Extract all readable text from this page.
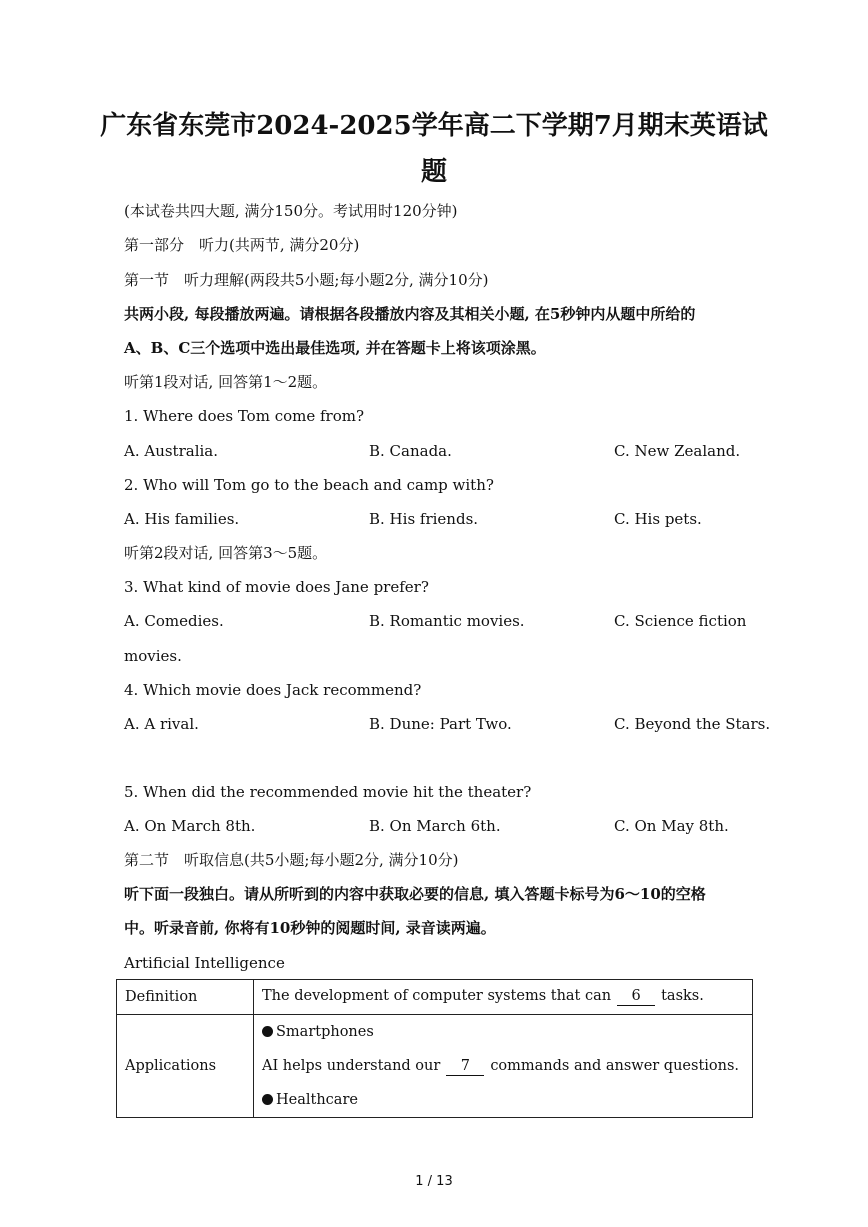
广东省东莞市2024-2025学年高二下学期7月期末英语试
题
(本试卷共四大题, 满分150分。考试用时120分钟)
第一部分　听力(共两节, 满分20分)
第一节　听力理解(两段共5小题;每小题2分, 满分10分)
共两小段, 每段播放两遍。请根据各段播放内容及其相关小题, 在5秒钟内从题中所给的
A、B、C三个选项中选出最佳选项, 并在答题卡上将该项涂黑。
听第1段对话, 回答第1～2题。
1. Where does Tom come from?
A. Australia.	B. Canada.	C. New Zealand.
2. Who will Tom go to the beach and camp with?
A. His families.	B. His friends.	C. His pets.
听第2段对话, 回答第3～5题。
3. What kind of movie does Jane prefer?
A. Comedies.	B. Romantic movies.	C. Science fiction
movies.
4. Which movie does Jack recommend?
A. A rival.	B. Dune: Part Two.	C. Beyond the Stars.
5. When did the recommended movie hit the theater?
A. On March 8th.	B. On March 6th.	C. On May 8th.
第二节　听取信息(共5小题;每小题2分, 满分10分)
听下面一段独白。请从所听到的内容中获取必要的信息, 填入答题卡标号为6～10的空格
中。听录音前, 你将有10秒钟的阅题时间, 录音读两遍。
Artificial Intelligence
Definition	The development of computer systems that can 6 tasks.
Applications	Smartphones
AI helps understand our 7 commands and answer questions.
Healthcare
1 / 13
